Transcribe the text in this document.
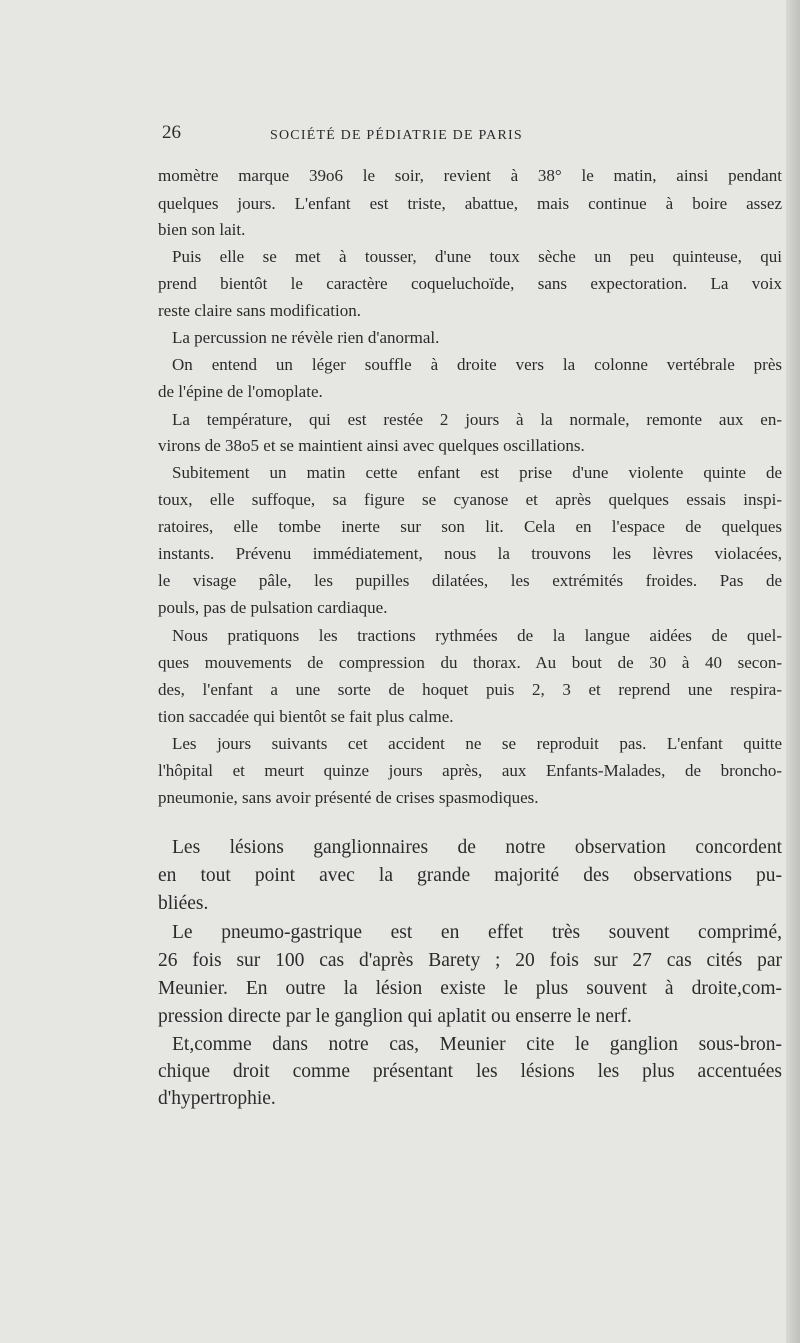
26	SOCIÉTÉ DE PÉDIATRIE DE PARIS
momètre marque 39o6 le soir, revient à 38° le matin, ainsi pendant
quelques jours. L'enfant est triste, abattue, mais continue à boire assez
bien son lait.
Puis elle se met à tousser, d'une toux sèche un peu quinteuse, qui
prend bientôt le caractère coqueluchoïde, sans expectoration. La voix
reste claire sans modification.
La percussion ne révèle rien d'anormal.
On entend un léger souffle à droite vers la colonne vertébrale près
de l'épine de l'omoplate.
La température, qui est restée 2 jours à la normale, remonte aux en-
virons de 38o5 et se maintient ainsi avec quelques oscillations.
Subitement un matin cette enfant est prise d'une violente quinte de
toux, elle suffoque, sa figure se cyanose et après quelques essais inspi-
ratoires, elle tombe inerte sur son lit. Cela en l'espace de quelques
instants. Prévenu immédiatement, nous la trouvons les lèvres violacées,
le visage pâle, les pupilles dilatées, les extrémités froides. Pas de
pouls, pas de pulsation cardiaque.
Nous pratiquons les tractions rythmées de la langue aidées de quel-
ques mouvements de compression du thorax. Au bout de 30 à 40 secon-
des, l'enfant a une sorte de hoquet puis 2, 3 et reprend une respira-
tion saccadée qui bientôt se fait plus calme.
Les jours suivants cet accident ne se reproduit pas. L'enfant quitte
l'hôpital et meurt quinze jours après, aux Enfants-Malades, de broncho-
pneumonie, sans avoir présenté de crises spasmodiques.
Les lésions ganglionnaires de notre observation concordent
en tout point avec la grande majorité des observations pu-
bliées.
Le pneumo-gastrique est en effet très souvent comprimé,
26 fois sur 100 cas d'après Barety ; 20 fois sur 27 cas cités par
Meunier. En outre la lésion existe le plus souvent à droite,com-
pression directe par le ganglion qui aplatit ou enserre le nerf.
Et,comme dans notre cas, Meunier cite le ganglion sous-bron-
chique droit comme présentant les lésions les plus accentuées
d'hypertrophie.
